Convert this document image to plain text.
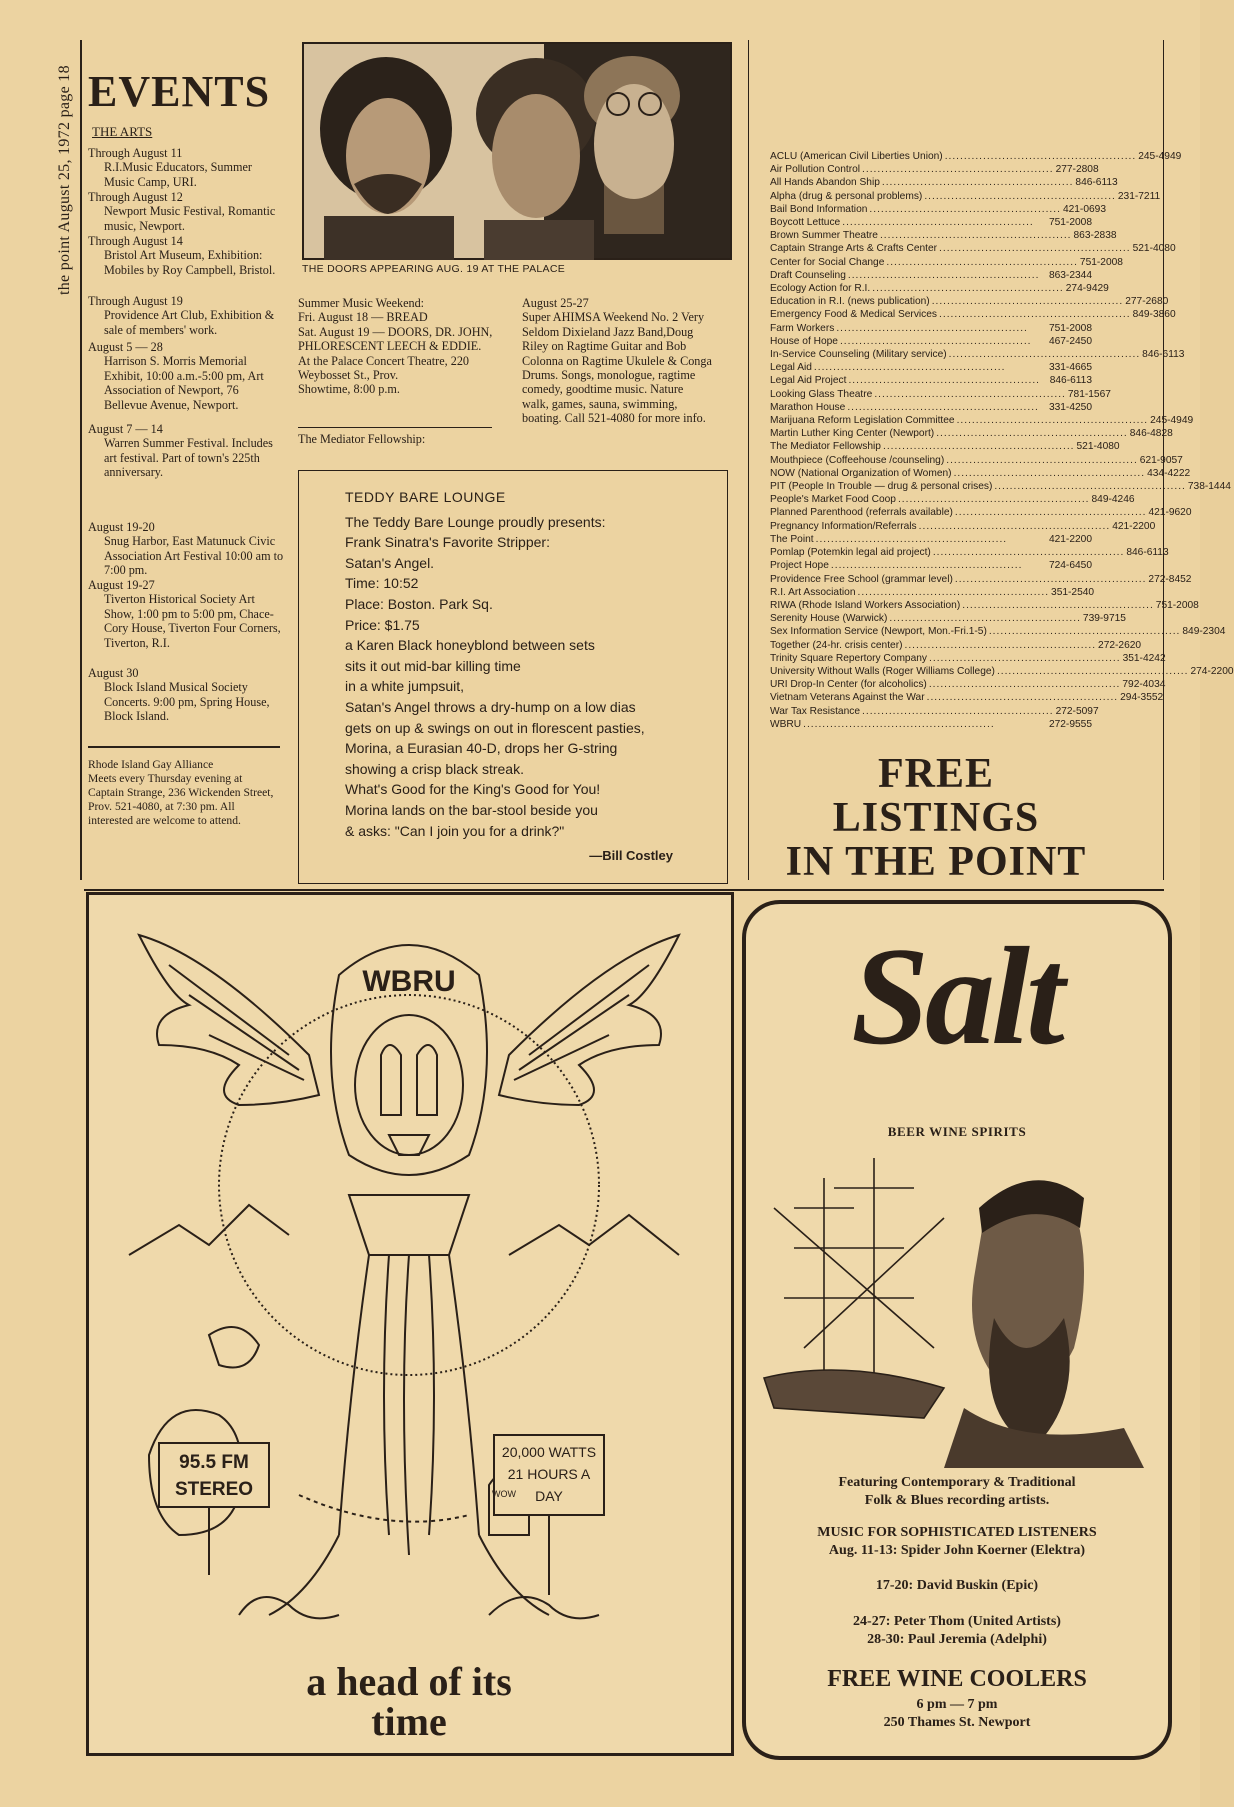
the point August 25, 1972 page 18 EVENTS
THE ARTS
Through August 11
R.I.Music Educators, Summer Music Camp, URI.
Through August 12
Newport Music Festival, Romantic music, Newport.
Through August 14
Bristol Art Museum, Exhibition: Mobiles by Roy Campbell, Bristol.
Through August 19
Providence Art Club, Exhibition & sale of members' work.
August 5 — 28
Harrison S. Morris Memorial Exhibit, 10:00 a.m.-5:00 pm, Art Association of Newport, 76 Bellevue Avenue, Newport.
August 7 — 14
Warren Summer Festival. Includes art festival. Part of town's 225th anniversary.
August 19-20
Snug Harbor, East Matunuck Civic Association Art Festival 10:00 am to 7:00 pm.
August 19-27
Tiverton Historical Society Art Show, 1:00 pm to 5:00 pm, Chace-Cory House, Tiverton Four Corners, Tiverton, R.I.
August 30
Block Island Musical Society Concerts. 9:00 pm, Spring House, Block Island.
Rhode Island Gay Alliance
Meets every Thursday evening at Captain Strange, 236 Wickenden Street, Prov. 521-4080, at 7:30 pm. All interested are welcome to attend.
THE DOORS APPEARING AUG. 19 AT THE PALACE
Summer Music Weekend:
Fri. August 18 — BREAD
Sat. August 19 — DOORS, DR. JOHN, PHLORESCENT LEECH & EDDIE.
At the Palace Concert Theatre, 220 Weybosset St., Prov.
Showtime, 8:00 p.m.
The Mediator Fellowship:
August 25-27
Super AHIMSA Weekend No. 2 Very Seldom Dixieland Jazz Band,Doug Riley on Ragtime Guitar and Bob Colonna on Ragtime Ukulele & Conga Drums. Songs, monologue, ragtime comedy, goodtime music. Nature walk, games, sauna, swimming, boating. Call 521-4080 for more info.
TEDDY BARE LOUNGE
The Teddy Bare Lounge proudly presents:
Frank Sinatra's Favorite Stripper:
Satan's Angel.
Time: 10:52
Place: Boston. Park Sq.
Price: $1.75
a Karen Black honeyblond between sets
sits it out mid-bar killing time
in a white jumpsuit,
Satan's Angel throws a dry-hump on a low dias
gets on up & swings on out in florescent pasties,
Morina, a Eurasian 40-D, drops her G-string
showing a crisp black streak.
What's Good for the King's Good for You!
Morina lands on the bar-stool beside you
& asks: "Can I join you for a drink?"
—Bill Costley
ACLU (American Civil Liberties Union) .................................................. 245-4949
Air Pollution Control .................................................. 277-2808
All Hands Abandon Ship .................................................. 846-6113
Alpha (drug & personal problems) .................................................. 231-7211
Bail Bond Information .................................................. 421-0693
Boycott Lettuce ..................................................	751-2008
Brown Summer Theatre .................................................. 863-2838
Captain Strange Arts & Crafts Center .................................................. 521-4080
Center for Social Change .................................................. 751-2008
Draft Counseling .................................................. 863-2344
Ecology Action for R.I. .................................................. 274-9429
Education in R.I. (news publication) .................................................. 277-2680
Emergency Food & Medical Services .................................................. 849-3860
Farm Workers ..................................................	751-2008
House of Hope ..................................................	467-2450
In-Service Counseling (Military service) .................................................. 846-6113
Legal Aid ..................................................	331-4665
Legal Aid Project .................................................. 846-6113
Looking Glass Theatre .................................................. 781-1567
Marathon House .................................................. 331-4250
Marijuana Reform Legislation Committee .................................................. 245-4949
Martin Luther King Center (Newport) .................................................. 846-4828
The Mediator Fellowship .................................................. 521-4080
Mouthpiece (Coffeehouse /counseling) .................................................. 621-9057
NOW (National Organization of Women) .................................................. 434-4222
PIT (People In Trouble — drug & personal crises) .................................................. 738-1444
People's Market Food Coop .................................................. 849-4246
Planned Parenthood (referrals available) .................................................. 421-9620
Pregnancy Information/Referrals .................................................. 421-2200
The Point ..................................................	421-2200
Pomlap (Potemkin legal aid project) .................................................. 846-6113
Project Hope ..................................................	724-6450
Providence Free School (grammar level) .................................................. 272-8452
R.I. Art Association .................................................. 351-2540
RIWA (Rhode Island Workers Association) .................................................. 751-2008
Serenity House (Warwick) .................................................. 739-9715
Sex Information Service (Newport, Mon.-Fri.1-5) .................................................. 849-2304
Together (24-hr. crisis center) .................................................. 272-2620
Trinity Square Repertory Company .................................................. 351-4242
University Without Walls (Roger Williams College) .................................................. 274-2200
URI Drop-In Center (for alcoholics) .................................................. 792-4034
Vietnam Veterans Against the War .................................................. 294-3552
War Tax Resistance .................................................. 272-5097
WBRU ..................................................	272-9555
FREE
LISTINGS
IN THE POINT
95.5 FM
STEREO
20,000 WATTS
21 HOURS A
DAY
WBRU
WOW
a head of its
time
Salt
BEER WINE SPIRITS
Featuring Contemporary & Traditional
Folk & Blues recording artists.
MUSIC FOR SOPHISTICATED LISTENERS
Aug. 11-13: Spider John Koerner (Elektra)
17-20: David Buskin (Epic)
24-27: Peter Thom (United Artists)
28-30: Paul Jeremia (Adelphi)
FREE WINE COOLERS
6 pm — 7 pm
250 Thames St. Newport
